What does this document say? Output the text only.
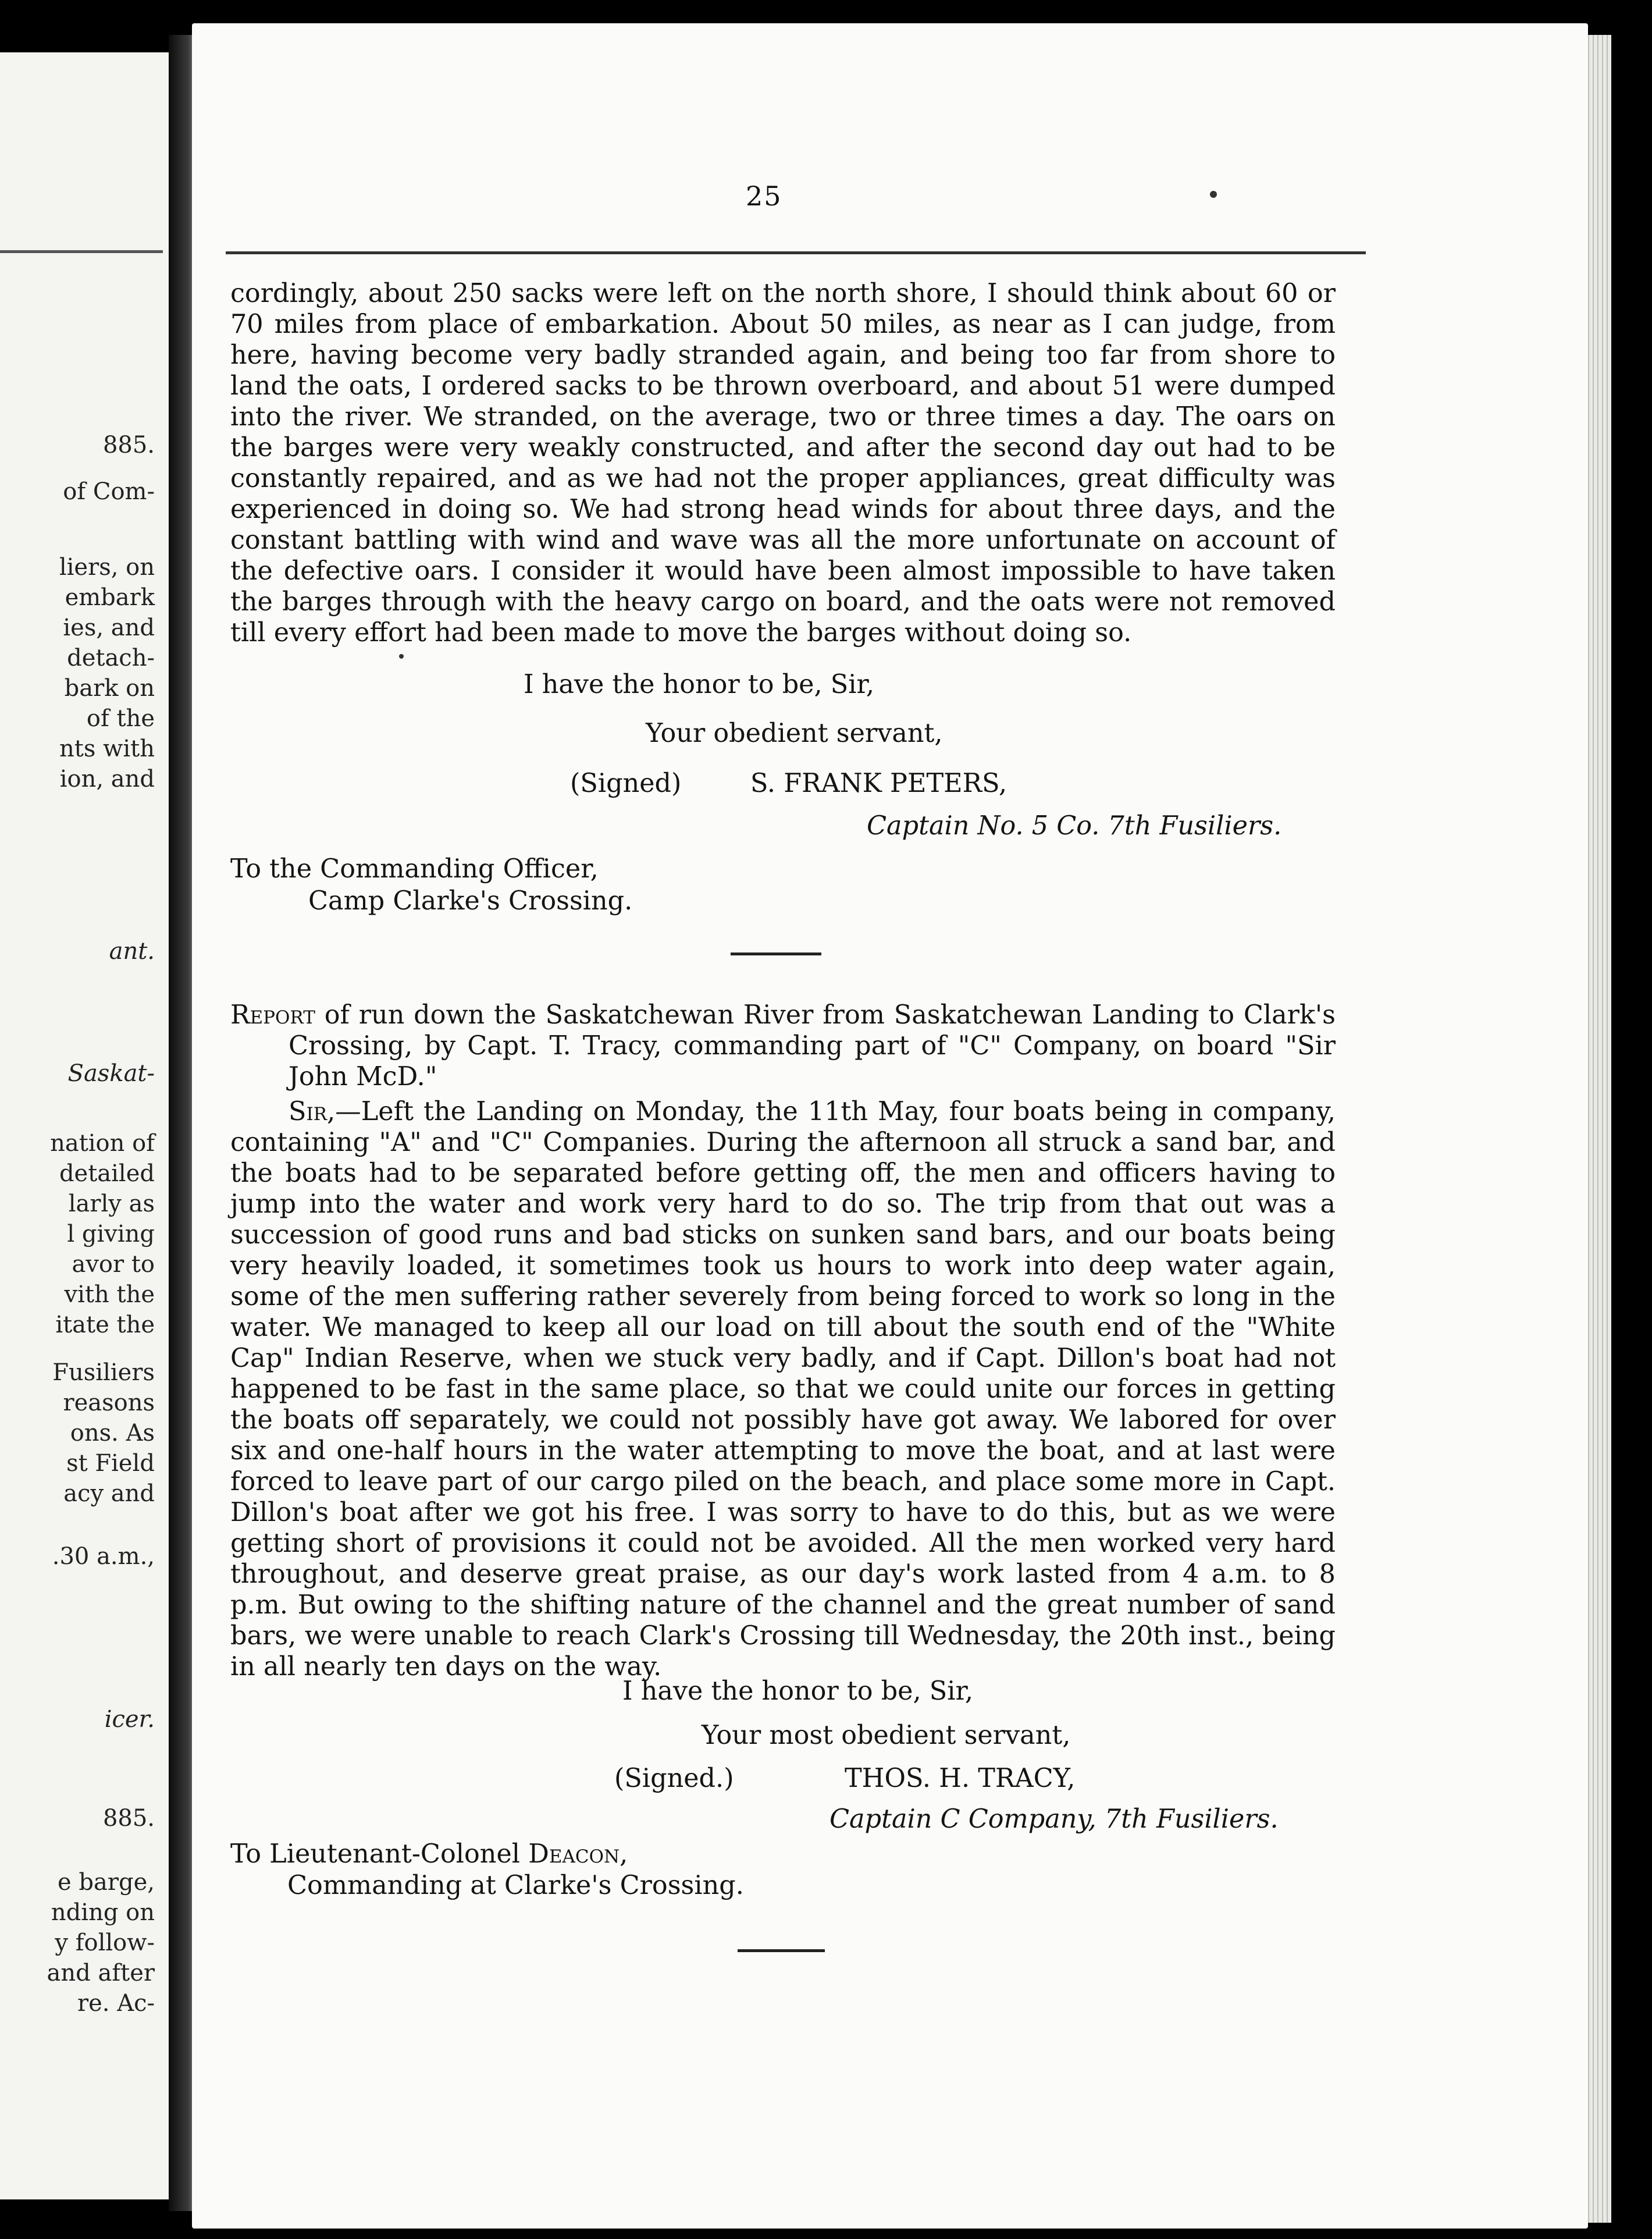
885.
of Com-
liers, on
embark
ies, and
detach-
bark on
of the
nts with
ion, and
ant.
Saskat-
nation of
detailed
larly as
l giving
avor to
vith the
itate the
Fusiliers
reasons
ons. As
st Field
acy and
.30 a.m.,
icer.
885.
e barge,
nding on
y follow-
and after
re. Ac-
25

cordingly, about 250 sacks were left on the north shore, I should think about 60 or 70 miles from place of embarkation. About 50 miles, as near as I can judge, from here, having become very badly stranded again, and being too far from shore to land the oats, I ordered sacks to be thrown overboard, and about 51 were dumped into the river. We stranded, on the average, two or three times a day. The oars on the barges were very weakly constructed, and after the second day out had to be constantly repaired, and as we had not the proper appliances, great difficulty was experienced in doing so. We had strong head winds for about three days, and the constant battling with wind and wave was all the more unfortunate on account of the defective oars. I consider it would have been almost impossible to have taken the barges through with the heavy cargo on board, and the oats were not removed till every effort had been made to move the barges without doing so.

I have the honor to be, Sir,
Your obedient servant,
(Signed)	S. FRANK PETERS,
Captain No. 5 Co. 7th Fusiliers.
To the Commanding Officer,
Camp Clarke's Crossing.
Report of run down the Saskatchewan River from Saskatchewan Landing to Clark's Crossing, by Capt. T. Tracy, commanding part of "C" Company, on board "Sir John McD."

Sir,—Left the Landing on Monday, the 11th May, four boats being in company, containing "A" and "C" Companies. During the afternoon all struck a sand bar, and the boats had to be separated before getting off, the men and officers having to jump into the water and work very hard to do so. The trip from that out was a succession of good runs and bad sticks on sunken sand bars, and our boats being very heavily loaded, it sometimes took us hours to work into deep water again, some of the men suffering rather severely from being forced to work so long in the water. We managed to keep all our load on till about the south end of the "White Cap" Indian Reserve, when we stuck very badly, and if Capt. Dillon's boat had not happened to be fast in the same place, so that we could unite our forces in getting the boats off separately, we could not possibly have got away. We labored for over six and one-half hours in the water attempting to move the boat, and at last were forced to leave part of our cargo piled on the beach, and place some more in Capt. Dillon's boat after we got his free. I was sorry to have to do this, but as we were getting short of provisions it could not be avoided. All the men worked very hard throughout, and deserve great praise, as our day's work lasted from 4 a.m. to 8 p.m. But owing to the shifting nature of the channel and the great number of sand bars, we were unable to reach Clark's Crossing till Wednesday, the 20th inst., being in all nearly ten days on the way.

I have the honor to be, Sir,
Your most obedient servant,
(Signed.)	THOS. H. TRACY,
Captain C Company, 7th Fusiliers.
To Lieutenant-Colonel Deacon,
Commanding at Clarke's Crossing.
